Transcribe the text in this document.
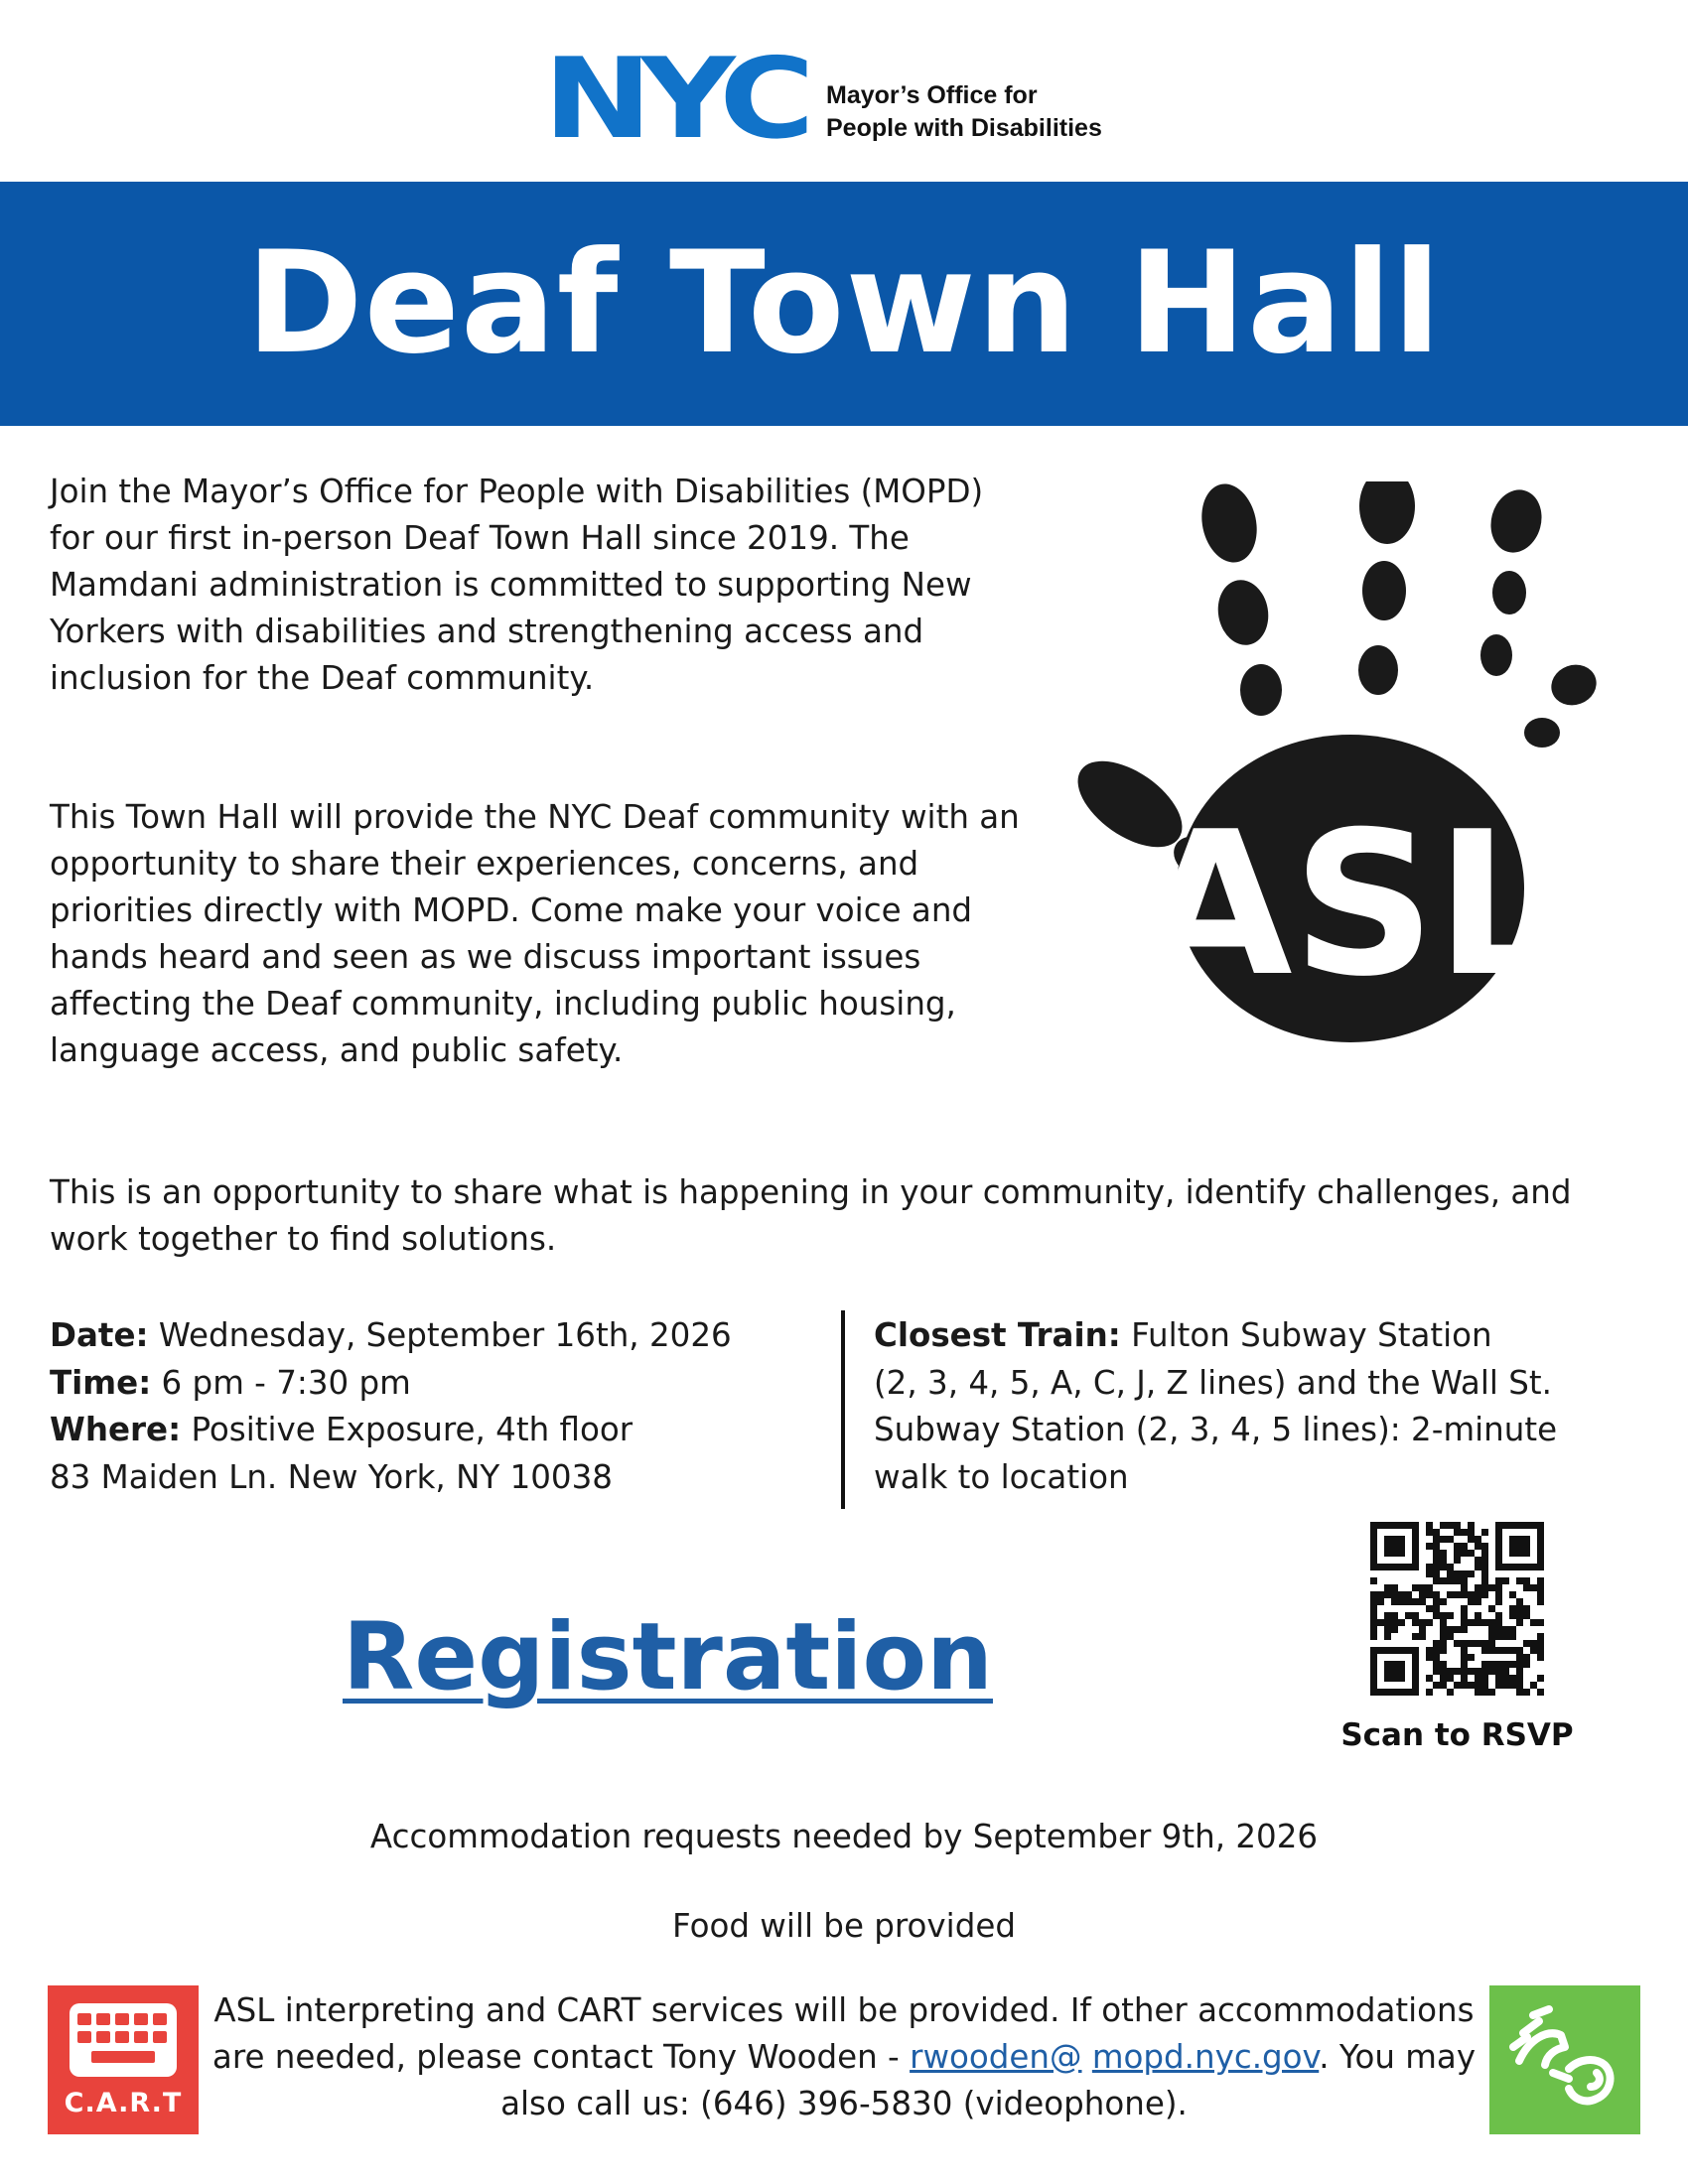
NYC Mayor’s Office for
People with Disabilities
Deaf Town Hall

Join the Mayor’s Office for People with Disabilities (MOPD) for our first in-person Deaf Town Hall since 2019. The Mamdani administration is committed to supporting New Yorkers with disabilities and strengthening access and inclusion for the Deaf community.

This Town Hall will provide the NYC Deaf community with an opportunity to share their experiences, concerns, and priorities directly with MOPD. Come make your voice and hands heard and seen as we discuss important issues affecting the Deaf community, including public housing, language access, and public safety.

ASL

This is an opportunity to share what is happening in your community, identify challenges, and work together to find solutions.

Date: Wednesday, September 16th, 2026
Time: 6 pm - 7:30 pm
Where: Positive Exposure, 4th floor
83 Maiden Ln. New York, NY 10038
Closest Train: Fulton Subway Station
(2, 3, 4, 5, A, C, J, Z lines) and the Wall St.
Subway Station (2, 3, 4, 5 lines): 2-minute
walk to location
Registration
Scan to RSVP
Accommodation requests needed by September 9th, 2026
Food will be provided
C.A.R.T
ASL interpreting and CART services will be provided. If other accommodations are needed, please contact Tony Wooden - rwooden@ mopd.nyc.gov. You may also call us: (646) 396-5830 (videophone).
